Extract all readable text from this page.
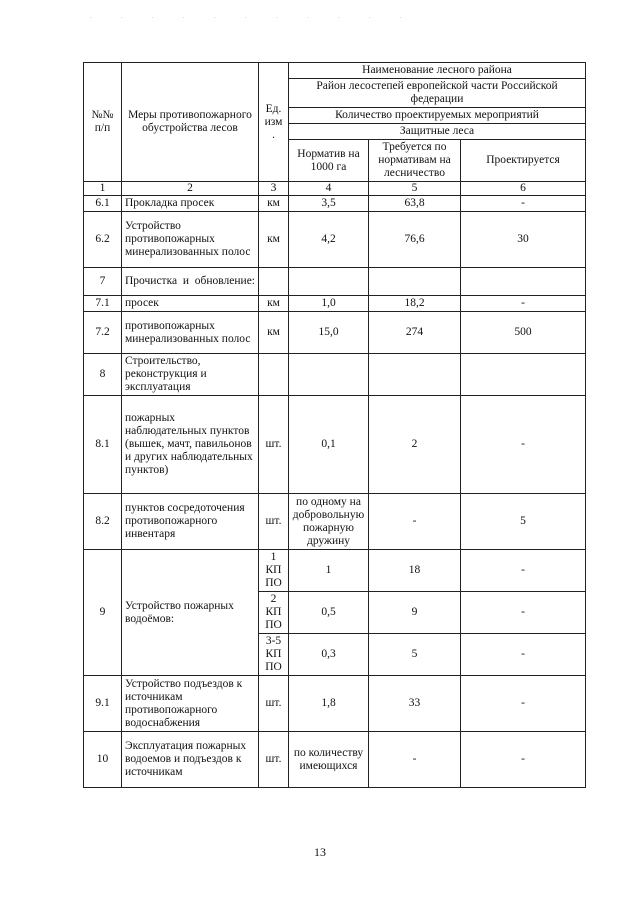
. . . . . . . . . . .
№№ п/п	Меры противопожарного обустройства лесов	Ед. изм .	Наименование лесного района		
			Район лесостепей европейской части Российской федерации		
			Количество проектируемых мероприятий		
			Защитные леса		
			Норматив на 1000 га	Требуется по нормативам на лесничество	Проектируется
1	2	3	4	5	6
6.1	Прокладка просек	км	3,5	63,8	-
6.2	Устройство противопожарных минерализованных полос	км	4,2	76,6	30
7	Прочистка и обновление:				
7.1	просек	км	1,0	18,2	-
7.2	противопожарных минерализованных полос	км	15,0	274	500
8	Строительство, реконструкция и эксплуатация				
8.1	пожарных наблюдательных пунктов (вышек, мачт, павильонов и других наблюдательных пунктов)	шт.	0,1	2	-
8.2	пунктов сосредоточения противопожарного инвентаря	шт.	по одному на добровольную пожарную дружину	-	5
9	Устройство пожарных водоёмов:	1 КП ПО	1	18	-
		2 КП ПО	0,5	9	-
		3-5 КП ПО	0,3	5	-
9.1	Устройство подъездов к источникам противопожарного водоснабжения	шт.	1,8	33	-
10	Эксплуатация пожарных водоемов и подъездов к источникам	шт.	по количеству имеющихся	-	-
13
